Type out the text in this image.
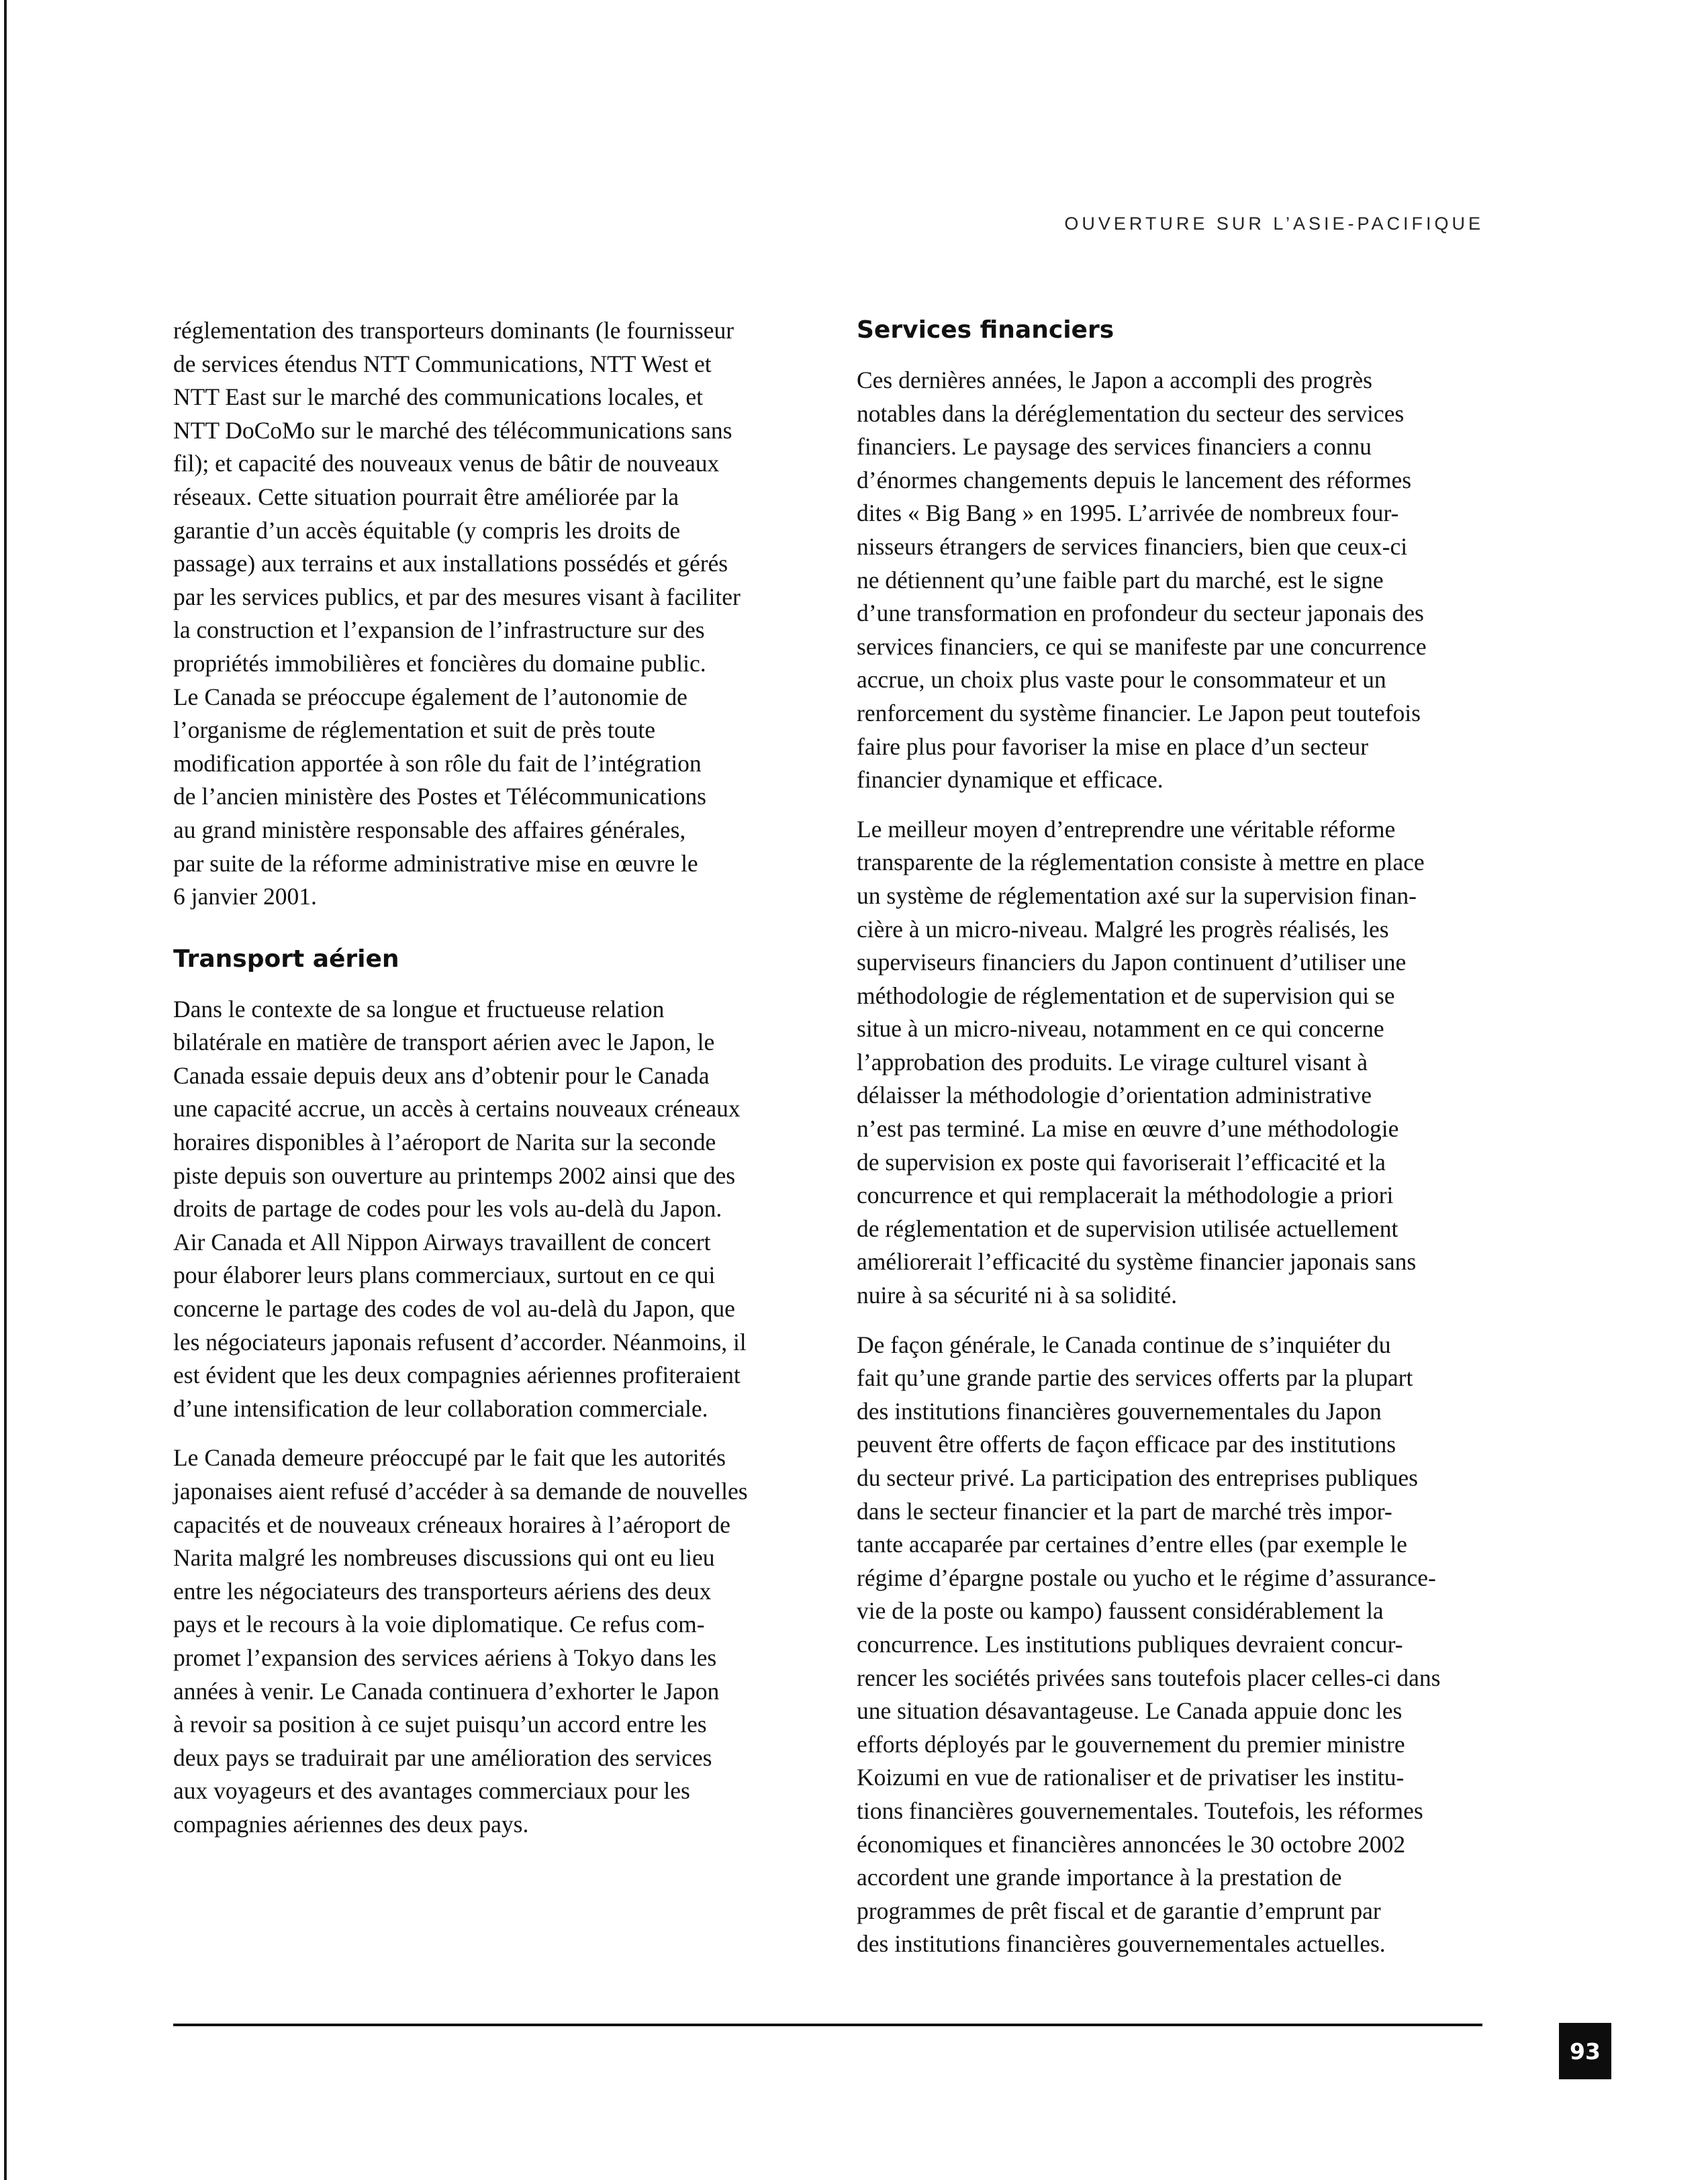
OUVERTURE SUR L’ASIE-PACIFIQUE

réglementation des transporteurs dominants (le fournisseur
de services étendus NTT Communications, NTT West et
NTT East sur le marché des communications locales, et
NTT DoCoMo sur le marché des télécommunications sans
fil); et capacité des nouveaux venus de bâtir de nouveaux
réseaux. Cette situation pourrait être améliorée par la
garantie d’un accès équitable (y compris les droits de
passage) aux terrains et aux installations possédés et gérés
par les services publics, et par des mesures visant à faciliter
la construction et l’expansion de l’infrastructure sur des
propriétés immobilières et foncières du domaine public.
Le Canada se préoccupe également de l’autonomie de
l’organisme de réglementation et suit de près toute
modification apportée à son rôle du fait de l’intégration
de l’ancien ministère des Postes et Télécommunications
au grand ministère responsable des affaires générales,
par suite de la réforme administrative mise en œuvre le
6 janvier 2001.

Transport aérien

Dans le contexte de sa longue et fructueuse relation
bilatérale en matière de transport aérien avec le Japon, le
Canada essaie depuis deux ans d’obtenir pour le Canada
une capacité accrue, un accès à certains nouveaux créneaux
horaires disponibles à l’aéroport de Narita sur la seconde
piste depuis son ouverture au printemps 2002 ainsi que des
droits de partage de codes pour les vols au-delà du Japon.
Air Canada et All Nippon Airways travaillent de concert
pour élaborer leurs plans commerciaux, surtout en ce qui
concerne le partage des codes de vol au-delà du Japon, que
les négociateurs japonais refusent d’accorder. Néanmoins, il
est évident que les deux compagnies aériennes profiteraient
d’une intensification de leur collaboration commerciale.

Le Canada demeure préoccupé par le fait que les autorités
japonaises aient refusé d’accéder à sa demande de nouvelles
capacités et de nouveaux créneaux horaires à l’aéroport de
Narita malgré les nombreuses discussions qui ont eu lieu
entre les négociateurs des transporteurs aériens des deux
pays et le recours à la voie diplomatique. Ce refus com-
promet l’expansion des services aériens à Tokyo dans les
années à venir. Le Canada continuera d’exhorter le Japon
à revoir sa position à ce sujet puisqu’un accord entre les
deux pays se traduirait par une amélioration des services
aux voyageurs et des avantages commerciaux pour les
compagnies aériennes des deux pays.

Services financiers

Ces dernières années, le Japon a accompli des progrès
notables dans la déréglementation du secteur des services
financiers. Le paysage des services financiers a connu
d’énormes changements depuis le lancement des réformes
dites « Big Bang » en 1995. L’arrivée de nombreux four-
nisseurs étrangers de services financiers, bien que ceux-ci
ne détiennent qu’une faible part du marché, est le signe
d’une transformation en profondeur du secteur japonais des
services financiers, ce qui se manifeste par une concurrence
accrue, un choix plus vaste pour le consommateur et un
renforcement du système financier. Le Japon peut toutefois
faire plus pour favoriser la mise en place d’un secteur
financier dynamique et efficace.

Le meilleur moyen d’entreprendre une véritable réforme
transparente de la réglementation consiste à mettre en place
un système de réglementation axé sur la supervision finan-
cière à un micro-niveau. Malgré les progrès réalisés, les
superviseurs financiers du Japon continuent d’utiliser une
méthodologie de réglementation et de supervision qui se
situe à un micro-niveau, notamment en ce qui concerne
l’approbation des produits. Le virage culturel visant à
délaisser la méthodologie d’orientation administrative
n’est pas terminé. La mise en œuvre d’une méthodologie
de supervision ex poste qui favoriserait l’efficacité et la
concurrence et qui remplacerait la méthodologie a priori
de réglementation et de supervision utilisée actuellement
améliorerait l’efficacité du système financier japonais sans
nuire à sa sécurité ni à sa solidité.

De façon générale, le Canada continue de s’inquiéter du
fait qu’une grande partie des services offerts par la plupart
des institutions financières gouvernementales du Japon
peuvent être offerts de façon efficace par des institutions
du secteur privé. La participation des entreprises publiques
dans le secteur financier et la part de marché très impor-
tante accaparée par certaines d’entre elles (par exemple le
régime d’épargne postale ou yucho et le régime d’assurance-
vie de la poste ou kampo) faussent considérablement la
concurrence. Les institutions publiques devraient concur-
rencer les sociétés privées sans toutefois placer celles-ci dans
une situation désavantageuse. Le Canada appuie donc les
efforts déployés par le gouvernement du premier ministre
Koizumi en vue de rationaliser et de privatiser les institu-
tions financières gouvernementales. Toutefois, les réformes
économiques et financières annoncées le 30 octobre 2002
accordent une grande importance à la prestation de
programmes de prêt fiscal et de garantie d’emprunt par
des institutions financières gouvernementales actuelles.

93
